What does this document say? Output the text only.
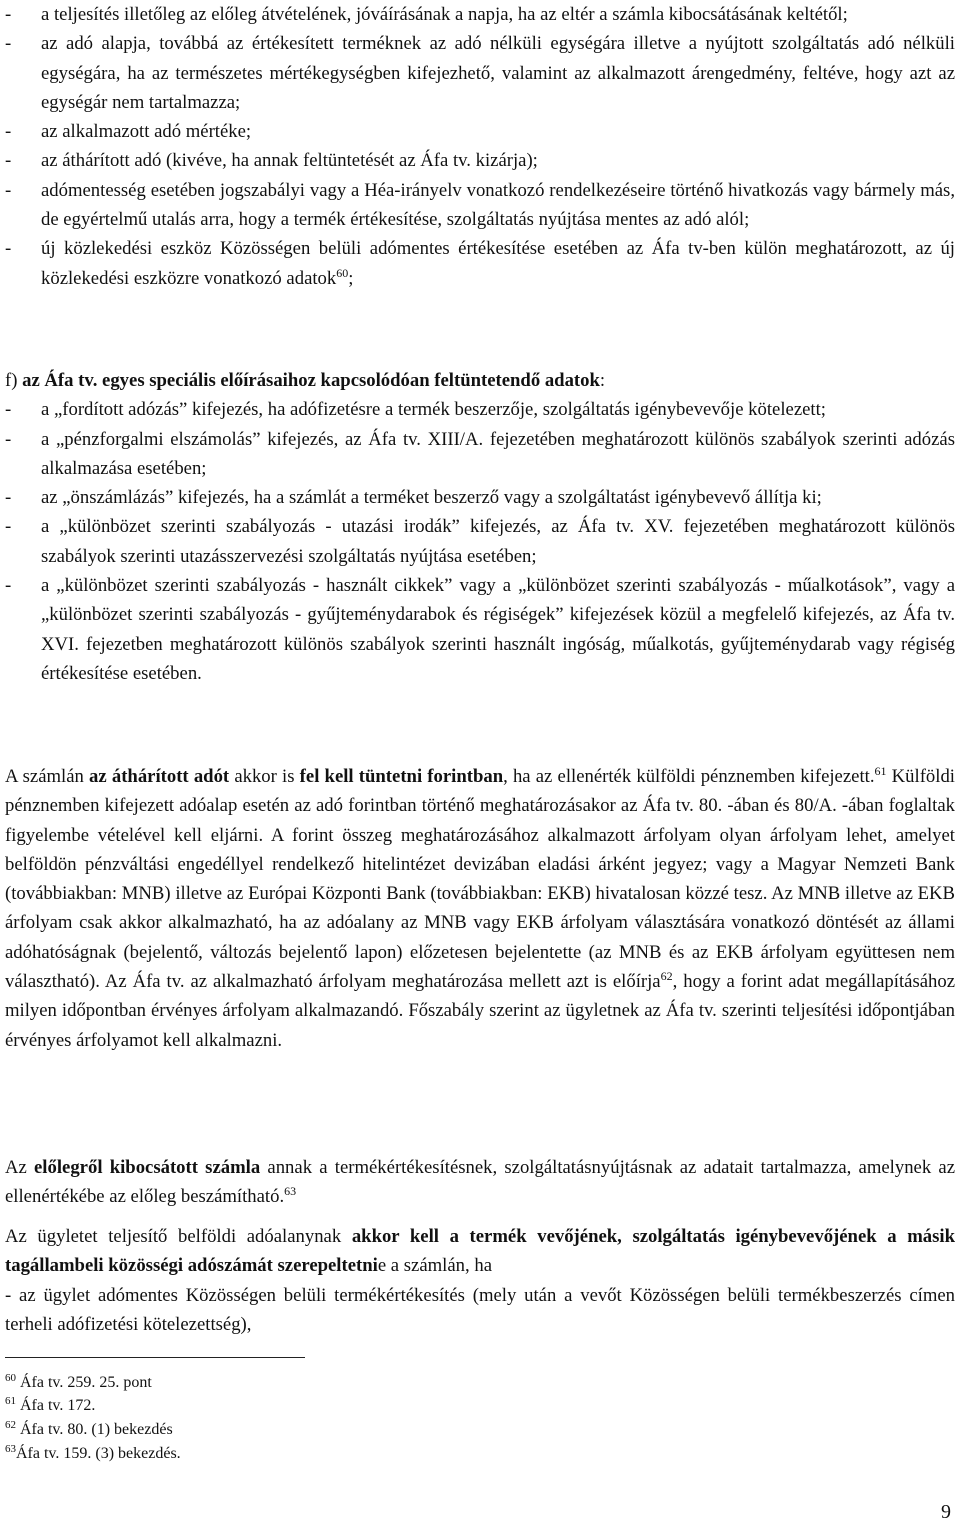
- a teljesítés illetőleg az előleg átvételének, jóváírásának a napja, ha az eltér a számla kibocsátásának keltétől;
- az adó alapja, továbbá az értékesített terméknek az adó nélküli egységára illetve a nyújtott szolgáltatás adó nélküli egységára, ha az természetes mértékegységben kifejezhető, valamint az alkalmazott árengedmény, feltéve, hogy azt az egységár nem tartalmazza;
- az alkalmazott adó mértéke;
- az áthárított adó (kivéve, ha annak feltüntetését az Áfa tv. kizárja);
- adómentesség esetében jogszabályi vagy a Héa-irányelv vonatkozó rendelkezéseire történő hivatkozás vagy bármely más, de egyértelmű utalás arra, hogy a termék értékesítése, szolgáltatás nyújtása mentes az adó alól;
- új közlekedési eszköz Közösségen belüli adómentes értékesítése esetében az Áfa tv-ben külön meghatározott, az új közlekedési eszközre vonatkozó adatok$^{60}$;
f) az Áfa tv. egyes speciális előírásaihoz kapcsolódóan feltüntetendő adatok:
- a „fordított adózás” kifejezés, ha adófizetésre a termék beszerzője, szolgáltatás igénybevevője kötelezett;
- a „pénzforgalmi elszámolás” kifejezés, az Áfa tv. XIII/A. fejezetében meghatározott különös szabályok szerinti adózás alkalmazása esetében;
- az „önszámlázás” kifejezés, ha a számlát a terméket beszerző vagy a szolgáltatást igénybevevő állítja ki;
- a „különbözet szerinti szabályozás - utazási irodák” kifejezés, az Áfa tv. XV. fejezetében meghatározott különös szabályok szerinti utazásszervezési szolgáltatás nyújtása esetében;
- a „különbözet szerinti szabályozás - használt cikkek” vagy a „különbözet szerinti szabályozás - műalkotások”, vagy a „különbözet szerinti szabályozás - gyűjteménydarabok és régiségek” kifejezések közül a megfelelő kifejezés, az Áfa tv. XVI. fejezetben meghatározott különös szabályok szerinti használt ingóság, műalkotás, gyűjteménydarab vagy régiség értékesítése esetében.
A számlán az áthárított adót akkor is fel kell tüntetni forintban, ha az ellenérték külföldi pénznemben kifejezett.$^{61}$ Külföldi pénznemben kifejezett adóalap esetén az adó forintban történő meghatározásakor az Áfa tv. 80. -ában és 80/A. -ában foglaltak figyelembe vételével kell eljárni. A forint összeg meghatározásához alkalmazott árfolyam olyan árfolyam lehet, amelyet belföldön pénzváltási engedéllyel rendelkező hitelintézet devizában eladási árként jegyez; vagy a Magyar Nemzeti Bank (továbbiakban: MNB) illetve az Európai Központi Bank (továbbiakban: EKB) hivatalosan közzé tesz. Az MNB illetve az EKB árfolyam csak akkor alkalmazható, ha az adóalany az MNB vagy EKB árfolyam választására vonatkozó döntését az állami adóhatóságnak (bejelentő, változás bejelentő lapon) előzetesen bejelentette (az MNB és az EKB árfolyam együttesen nem választható). Az Áfa tv. az alkalmazható árfolyam meghatározása mellett azt is előírja$^{62}$, hogy a forint adat megállapításához milyen időpontban érvényes árfolyam alkalmazandó. Főszabály szerint az ügyletnek az Áfa tv. szerinti teljesítési időpontjában érvényes árfolyamot kell alkalmazni.
Az előlegről kibocsátott számla annak a termékértékesítésnek, szolgáltatásnyújtásnak az adatait tartalmazza, amelynek az ellenértékébe az előleg beszámítható.$^{63}$
Az ügyletet teljesítő belföldi adóalanynak akkor kell a termék vevőjének, szolgáltatás igénybevevőjének a másik tagállambeli közösségi adószámát szerepeltetnie a számlán, ha
- az ügylet adómentes Közösségen belüli termékértékesítés (mely után a vevőt Közösségen belüli termékbeszerzés címen terheli adófizetési kötelezettség),
$^{60}$ Áfa tv. 259. 25. pont
$^{61}$ Áfa tv. 172.
$^{62}$ Áfa tv. 80. (1) bekezdés
$^{63}$Áfa tv. 159. (3) bekezdés.
9
